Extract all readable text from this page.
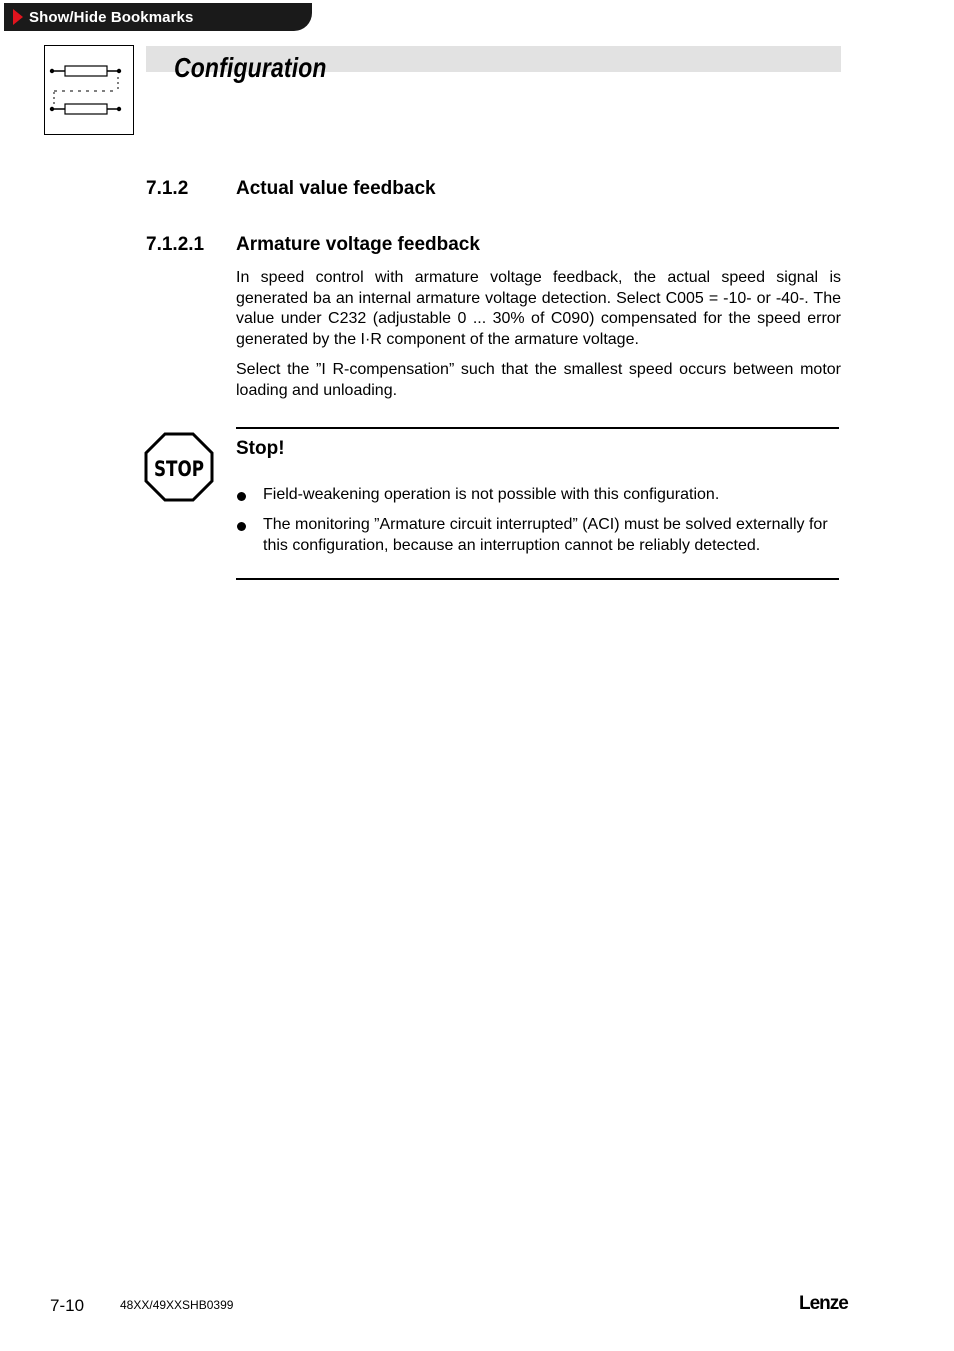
Show/Hide Bookmarks
Configuration
7.1.2	Actual value feedback
7.1.2.1 Armature voltage feedback

In speed control with armature voltage feedback, the actual speed signal is generated ba an internal armature voltage detection. Select C005 = -10- or -40-. The value under C232 (adjustable 0 ... 30% of C090) compensated for the speed error generated by the I·R component of the armature voltage.

Select the ”I R-compensation” such that the smallest speed occurs between motor loading and unloading.

STOP
Stop!

Field-weakening operation is not possible with this configuration.

The monitoring ”Armature circuit interrupted” (ACI) must be solved externally for this configuration, because an interruption cannot be reliably detected.

7-10	48XX/49XXSHB0399	Lenze
